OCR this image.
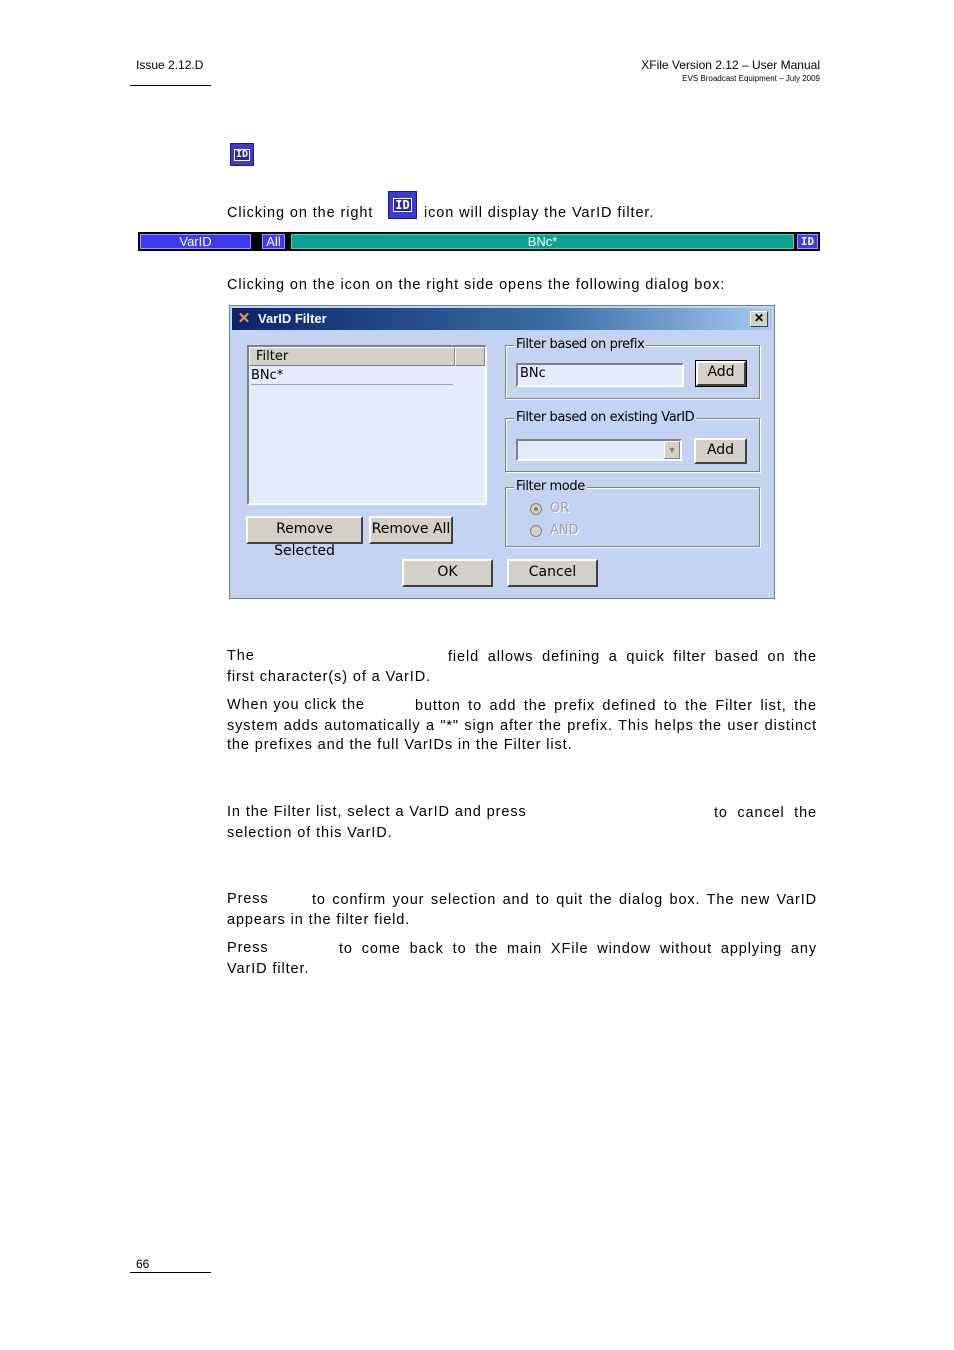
Issue 2.12.D	XFile Version 2.12 – User Manual
EVS Broadcast Equipment – July 2009
ID
Clicking on the right ID icon will display the VarID filter.
VarID	All	BNc*	ID
Clicking on the icon on the right side opens the following dialog box:
✕ VarID Filter	✕
Filter
BNc*
Remove Selected
Remove All
Filter based on prefix
BNc	Add
Filter based on existing VarID
▼	Add
Filter mode
OR
AND
OK	Cancel
The	field allows defining a quick filter based on the first character(s) of a VarID.
When you click the	button to add the prefix defined to the Filter list, the system adds automatically a "*" sign after the prefix. This helps the user distinct the prefixes and the full VarIDs in the Filter list.
In the Filter list, select a VarID and press	to cancel the selection of this VarID.
Press	to confirm your selection and to quit the dialog box. The new VarID appears in the filter field.
Press	to come back to the main XFile window without applying any VarID filter.
66
